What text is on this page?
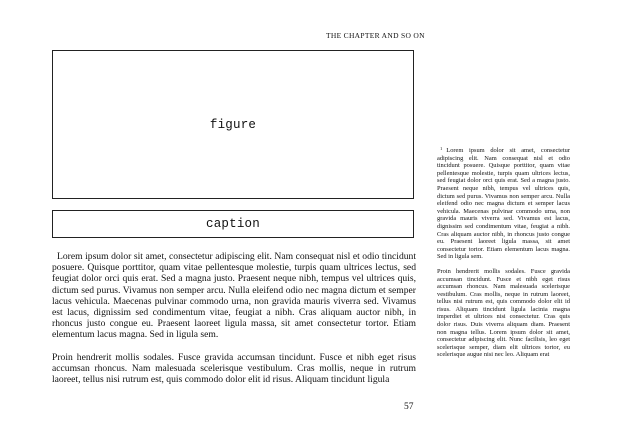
THE CHAPTER AND SO ON
figure
caption

Lorem ipsum dolor sit amet, consectetur adipiscing elit. Nam consequat nisl et odio tincidunt posuere. Quisque porttitor, quam vitae pellentesque molestie, turpis quam ultrices lectus, sed feugiat dolor orci quis erat. Sed a magna justo. Praesent neque nibh, tempus vel ultrices quis, dictum sed purus. Vivamus non semper arcu. Nulla eleifend odio nec magna dictum et semper lacus vehicula. Maecenas pulvinar commodo urna, non gravida mauris viverra sed. Vivamus est lacus, dignissim sed condimentum vitae, feugiat a nibh. Cras aliquam auctor nibh, in rhoncus justo congue eu. Praesent laoreet ligula massa, sit amet consectetur tortor. Etiam elementum lacus magna. Sed in ligula sem.

Proin hendrerit mollis sodales. Fusce gravida accumsan tincidunt. Fusce et nibh eget risus accumsan rhoncus. Nam malesuada scelerisque vestibulum. Cras mollis, neque in rutrum laoreet, tellus nisi rutrum est, quis commodo dolor elit id risus. Aliquam tincidunt ligula

57

$^1$ Lorem ipsum dolor sit amet, consectetur adipiscing elit. Nam consequat nisl et odio tincidunt posuere. Quisque porttitor, quam vitae pellentesque molestie, turpis quam ultrices lectus, sed feugiat dolor orci quis erat. Sed a magna justo. Praesent neque nibh, tempus vel ultrices quis, dictum sed purus. Vivamus non semper arcu. Nulla eleifend odio nec magna dictum et semper lacus vehicula. Maecenas pulvinar commodo urna, non gravida mauris viverra sed. Vivamus est lacus, dignissim sed condimentum vitae, feugiat a nibh. Cras aliquam auctor nibh, in rhoncus justo congue eu. Praesent laoreet ligula massa, sit amet consectetur tortor. Etiam elementum lacus magna. Sed in ligula sem.

Proin hendrerit mollis sodales. Fusce gravida accumsan tincidunt. Fusce et nibh eget risus accumsan rhoncus. Nam malesuada scelerisque vestibulum. Cras mollis, neque in rutrum laoreet, tellus nisi rutrum est, quis commodo dolor elit id risus. Aliquam tincidunt ligula lacinia magna imperdiet et ultrices nisi consectetur. Cras quis dolor risus. Duis viverra aliquam diam. Praesent non magna tellus. Lorem ipsum dolor sit amet, consectetur adipiscing elit. Nunc facilisis, leo eget scelerisque semper, diam elit ultrices tortor, eu scelerisque augue nisi nec leo. Aliquam erat
